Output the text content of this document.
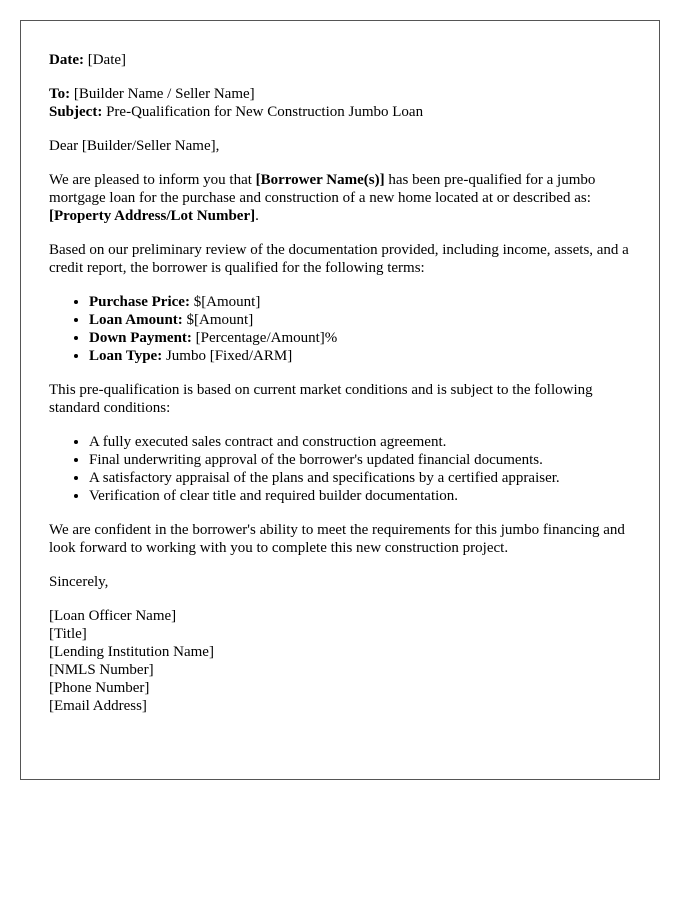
Date: [Date]

To: [Builder Name / Seller Name]

Subject: Pre-Qualification for New Construction Jumbo Loan

Dear [Builder/Seller Name],

We are pleased to inform you that [Borrower Name(s)] has been pre-qualified for a jumbo mortgage loan for the purchase and construction of a new home located at or described as: [Property Address/Lot Number].

Based on our preliminary review of the documentation provided, including income, assets, and a credit report, the borrower is qualified for the following terms:

• Purchase Price: $[Amount]
• Loan Amount: $[Amount]
• Down Payment: [Percentage/Amount]%
• Loan Type: Jumbo [Fixed/ARM]

This pre-qualification is based on current market conditions and is subject to the following standard conditions:

• A fully executed sales contract and construction agreement.
• Final underwriting approval of the borrower's updated financial documents.
• A satisfactory appraisal of the plans and specifications by a certified appraiser.
• Verification of clear title and required builder documentation.

We are confident in the borrower's ability to meet the requirements for this jumbo financing and look forward to working with you to complete this new construction project.

Sincerely,

[Loan Officer Name]
[Title]
[Lending Institution Name]
[NMLS Number]
[Phone Number]
[Email Address]
